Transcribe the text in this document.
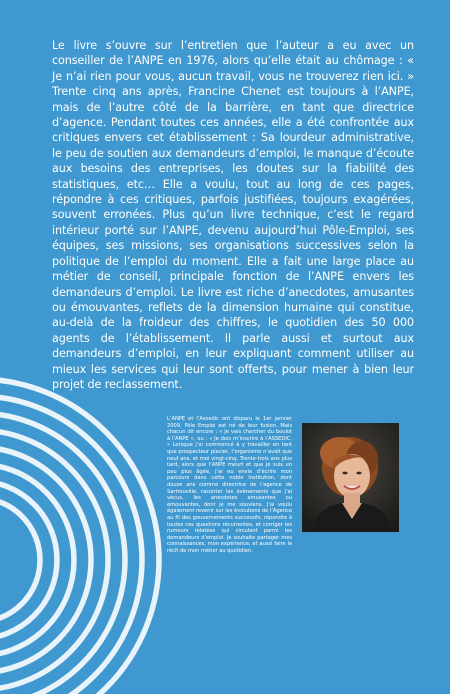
Le livre s’ouvre sur l’entretien que l’auteur a eu avec un conseiller de l’ANPE en 1976, alors qu’elle était au chômage : « Je n’ai rien pour vous, aucun travail, vous ne trouverez rien ici. » Trente cinq ans après, Francine Chenet est toujours à l’ANPE, mais de l’autre côté de la barrière, en tant que directrice d’agence. Pendant toutes ces années, elle a été confrontée aux critiques envers cet établissement : Sa lourdeur administrative, le peu de soutien aux demandeurs d’emploi, le manque d’écoute aux besoins des entreprises, les doutes sur la fiabilité des statistiques, etc… Elle a voulu, tout au long de ces pages, répondre à ces critiques, parfois justifiées, toujours exagérées, souvent erronées. Plus qu’un livre technique, c’est le regard intérieur porté sur l’ANPE, devenu aujourd’hui Pôle-Emploi, ses équipes, ses missions, ses organisations successives selon la politique de l’emploi du moment. Elle a fait une large place au métier de conseil, principale fonction de l’ANPE envers les demandeurs d’emploi. Le livre est riche d’anecdotes, amusantes ou émouvantes, reflets de la dimension humaine qui constitue, au-delà de la froideur des chiffres, le quotidien des 50 000 agents de l’établissement. Il parle aussi et surtout aux demandeurs d’emploi, en leur expliquant comment utiliser au mieux les services qui leur sont offerts, pour mener à bien leur projet de reclassement.
L’ANPE et l’Assedic ont disparu le 1er janvier 2009. Pôle Emploi est né de leur fusion. Mais chacun dit encore : « Je vais chercher du boulot à l’ANPE », ou : « Je dois m’inscrire à l’ASSEDIC. » Lorsque j’ai commencé à y travailler en tant que prospecteur placier, l’organisme n’avait que neuf ans, et moi vingt-cinq. Trente-trois ans plus tard, alors que l’ANPE meurt et que je suis un peu plus âgée, j’ai eu envie d’écrire mon parcours dans cette noble institution, dont douze ans comme directrice de l’agence de Sartrouville, raconter les évènements que j’ai vécus, les anecdotes amusantes ou émouvantes, dont je me souviens. J’ai voulu également revenir sur les évolutions de l’Agence au fil des gouvernements successifs, répondre à toutes ces questions récurrentes, et corriger les rumeurs relatées qui circulent parmi les demandeurs d’emploi. Je souhaite partager mes connaissances, mon expérience, et aussi faire le récit de mon métier au quotidien.
